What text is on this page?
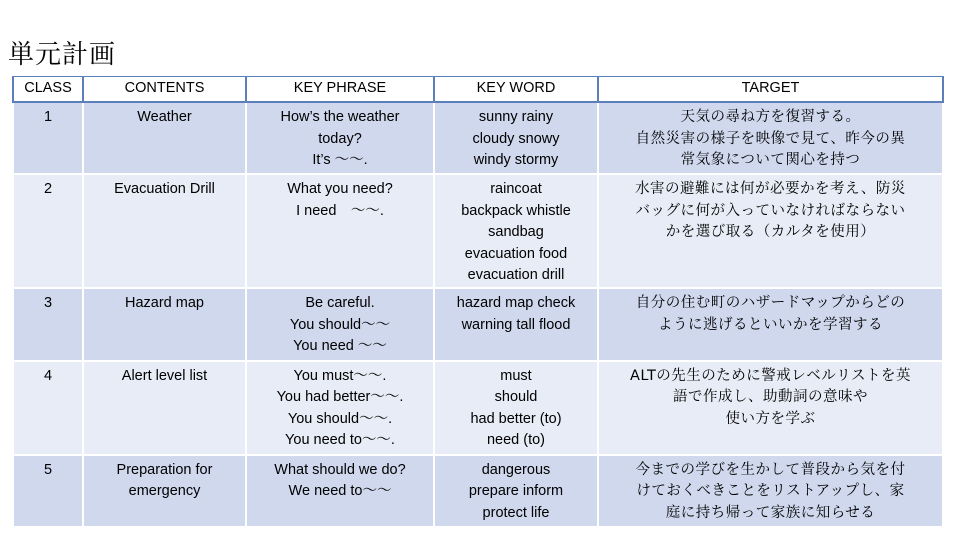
単元計画
CLASS	CONTENTS	KEY PHRASE	KEY WORD	TARGET
1	Weather	How’s the weather
today?
It’s ～～.	sunny rainy
cloudy snowy
windy stormy	天気の尋ね方を復習する。
自然災害の様子を映像で見て、昨今の異
常気象について関心を持つ
2	Evacuation Drill	What you need?
I need　～～.	raincoat
backpack whistle
sandbag
evacuation food
evacuation drill	水害の避難には何が必要かを考え、防災
バッグに何が入っていなければならない
かを選び取る（カルタを使用）
3	Hazard map	Be careful.
You should～～
You need ～～	hazard map check
warning tall flood	自分の住む町のハザードマップからどの
ように逃げるといいかを学習する
4	Alert level list	You must～～.
You had better～～.
You should～～.
You need to～～.	must
should
had better (to)
need (to)	ALTの先生のために警戒レベルリストを英
語で作成し、助動詞の意味や
使い方を学ぶ
5	Preparation for
emergency	What should we do?
We need to～～	dangerous
prepare inform
protect life	今までの学びを生かして普段から気を付
けておくべきことをリストアップし、家
庭に持ち帰って家族に知らせる
